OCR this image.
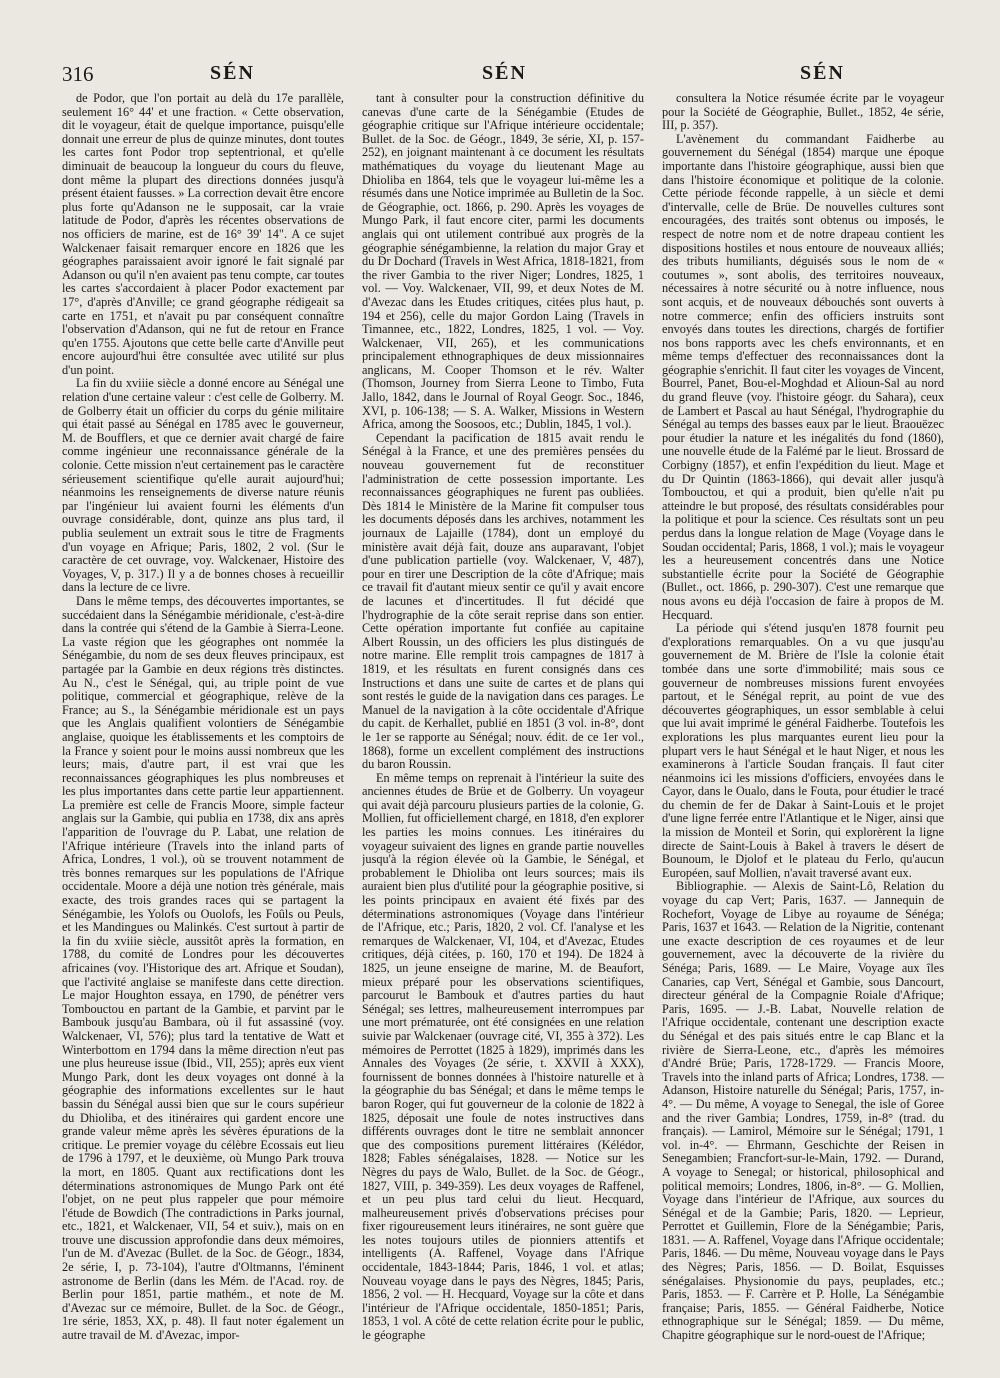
316	SÉN	SÉN	SÉN

de Podor, que l'on portait au delà du 17e parallèle, seulement 16° 44' et une fraction. « Cette observation, dit le voyageur, était de quelque importance, puisqu'elle donnait une erreur de plus de quinze minutes, dont toutes les cartes font Podor trop septentrional, et qu'elle diminuait de beaucoup la longueur du cours du fleuve, dont même la plupart des directions données jusqu'à présent étaient fausses. » La correction devait être encore plus forte qu'Adanson ne le supposait, car la vraie latitude de Podor, d'après les récentes observations de nos officiers de marine, est de 16° 39' 14". A ce sujet Walckenaer faisait remarquer encore en 1826 que les géographes paraissaient avoir ignoré le fait signalé par Adanson ou qu'il n'en avaient pas tenu compte, car toutes les cartes s'accordaient à placer Podor exactement par 17°, d'après d'Anville; ce grand géographe rédigeait sa carte en 1751, et n'avait pu par conséquent connaître l'observation d'Adanson, qui ne fut de retour en France qu'en 1755. Ajoutons que cette belle carte d'Anville peut encore aujourd'hui être consultée avec utilité sur plus d'un point.

La fin du xviiie siècle a donné encore au Sénégal une relation d'une certaine valeur : c'est celle de Golberry. M. de Golberry était un officier du corps du génie militaire qui était passé au Sénégal en 1785 avec le gouverneur, M. de Boufflers, et que ce dernier avait chargé de faire comme ingénieur une reconnaissance générale de la colonie. Cette mission n'eut certainement pas le caractère sérieusement scientifique qu'elle aurait aujourd'hui; néanmoins les renseignements de diverse nature réunis par l'ingénieur lui avaient fourni les éléments d'un ouvrage considérable, dont, quinze ans plus tard, il publia seulement un extrait sous le titre de Fragments d'un voyage en Afrique; Paris, 1802, 2 vol. (Sur le caractère de cet ouvrage, voy. Walckenaer, Histoire des Voyages, V, p. 317.) Il y a de bonnes choses à recueillir dans la lecture de ce livre.

Dans le même temps, des découvertes importantes, se succédaient dans la Sénégambie méridionale, c'est-à-dire dans la contrée qui s'étend de la Gambie à Sierra-Leone. La vaste région que les géographes ont nommée la Sénégambie, du nom de ses deux fleuves principaux, est partagée par la Gambie en deux régions très distinctes. Au N., c'est le Sénégal, qui, au triple point de vue politique, commercial et géographique, relève de la France; au S., la Sénégambie méridionale est un pays que les Anglais qualifient volontiers de Sénégambie anglaise, quoique les établissements et les comptoirs de la France y soient pour le moins aussi nombreux que les leurs; mais, d'autre part, il est vrai que les reconnaissances géographiques les plus nombreuses et les plus importantes dans cette partie leur appartiennent. La première est celle de Francis Moore, simple facteur anglais sur la Gambie, qui publia en 1738, dix ans après l'apparition de l'ouvrage du P. Labat, une relation de l'Afrique intérieure (Travels into the inland parts of Africa, Londres, 1 vol.), où se trouvent notamment de très bonnes remarques sur les populations de l'Afrique occidentale. Moore a déjà une notion très générale, mais exacte, des trois grandes races qui se partagent la Sénégambie, les Yolofs ou Ouolofs, les Foûls ou Peuls, et les Mandingues ou Malinkés. C'est surtout à partir de la fin du xviiie siècle, aussitôt après la formation, en 1788, du comité de Londres pour les découvertes africaines (voy. l'Historique des art. Afrique et Soudan), que l'activité anglaise se manifeste dans cette direction. Le major Houghton essaya, en 1790, de pénétrer vers Tombouctou en partant de la Gambie, et parvint par le Bambouk jusqu'au Bambara, où il fut assassiné (voy. Walckenaer, VI, 576); plus tard la tentative de Watt et Winterbottom en 1794 dans la même direction n'eut pas une plus heureuse issue (Ibid., VII, 255); après eux vient Mungo Park, dont les deux voyages ont donné à la géographie des informations excellentes sur le haut bassin du Sénégal aussi bien que sur le cours supérieur du Dhioliba, et des itinéraires qui gardent encore une grande valeur même après les sévères épurations de la critique. Le premier voyage du célèbre Ecossais eut lieu de 1796 à 1797, et le deuxième, où Mungo Park trouva la mort, en 1805. Quant aux rectifications dont les déterminations astronomiques de Mungo Park ont été l'objet, on ne peut plus rappeler que pour mémoire l'étude de Bowdich (The contradictions in Parks journal, etc., 1821, et Walckenaer, VII, 54 et suiv.), mais on en trouve une discussion approfondie dans deux mémoires, l'un de M. d'Avezac (Bullet. de la Soc. de Géogr., 1834, 2e série, I, p. 73-104), l'autre d'Oltmanns, l'éminent astronome de Berlin (dans les Mém. de l'Acad. roy. de Berlin pour 1851, partie mathém., et note de M. d'Avezac sur ce mémoire, Bullet. de la Soc. de Géogr., 1re série, 1853, XX, p. 48). Il faut noter également un autre travail de M. d'Avezac, impor-

tant à consulter pour la construction définitive du canevas d'une carte de la Sénégambie (Etudes de géographie critique sur l'Afrique intérieure occidentale; Bullet. de la Soc. de Géogr., 1849, 3e série, XI, p. 157-252), en joignant maintenant à ce document les résultats mathématiques du voyage du lieutenant Mage au Dhioliba en 1864, tels que le voyageur lui-même les a résumés dans une Notice imprimée au Bulletin de la Soc. de Géographie, oct. 1866, p. 290. Après les voyages de Mungo Park, il faut encore citer, parmi les documents anglais qui ont utilement contribué aux progrès de la géographie sénégambienne, la relation du major Gray et du Dr Dochard (Travels in West Africa, 1818-1821, from the river Gambia to the river Niger; Londres, 1825, 1 vol. — Voy. Walckenaer, VII, 99, et deux Notes de M. d'Avezac dans les Etudes critiques, citées plus haut, p. 194 et 256), celle du major Gordon Laing (Travels in Timannee, etc., 1822, Londres, 1825, 1 vol. — Voy. Walckenaer, VII, 265), et les communications principalement ethnographiques de deux missionnaires anglicans, M. Cooper Thomson et le rév. Walter (Thomson, Journey from Sierra Leone to Timbo, Futa Jallo, 1842, dans le Journal of Royal Geogr. Soc., 1846, XVI, p. 106-138; — S. A. Walker, Missions in Western Africa, among the Soosoos, etc.; Dublin, 1845, 1 vol.).

Cependant la pacification de 1815 avait rendu le Sénégal à la France, et une des premières pensées du nouveau gouvernement fut de reconstituer l'administration de cette possession importante. Les reconnaissances géographiques ne furent pas oubliées. Dès 1814 le Ministère de la Marine fit compulser tous les documents déposés dans les archives, notamment les journaux de Lajaille (1784), dont un employé du ministère avait déjà fait, douze ans auparavant, l'objet d'une publication partielle (voy. Walckenaer, V, 487), pour en tirer une Description de la côte d'Afrique; mais ce travail fit d'autant mieux sentir ce qu'il y avait encore de lacunes et d'incertitudes. Il fut décidé que l'hydrographie de la côte serait reprise dans son entier. Cette opération importante fut confiée au capitaine Albert Roussin, un des officiers les plus distingués de notre marine. Elle remplit trois campagnes de 1817 à 1819, et les résultats en furent consignés dans ces Instructions et dans une suite de cartes et de plans qui sont restés le guide de la navigation dans ces parages. Le Manuel de la navigation à la côte occidentale d'Afrique du capit. de Kerhallet, publié en 1851 (3 vol. in-8°, dont le 1er se rapporte au Sénégal; nouv. édit. de ce 1er vol., 1868), forme un excellent complément des instructions du baron Roussin.

En même temps on reprenait à l'intérieur la suite des anciennes études de Brüe et de Golberry. Un voyageur qui avait déjà parcouru plusieurs parties de la colonie, G. Mollien, fut officiellement chargé, en 1818, d'en explorer les parties les moins connues. Les itinéraires du voyageur suivaient des lignes en grande partie nouvelles jusqu'à la région élevée où la Gambie, le Sénégal, et probablement le Dhioliba ont leurs sources; mais ils auraient bien plus d'utilité pour la géographie positive, si les points principaux en avaient été fixés par des déterminations astronomiques (Voyage dans l'intérieur de l'Afrique, etc.; Paris, 1820, 2 vol. Cf. l'analyse et les remarques de Walckenaer, VI, 104, et d'Avezac, Etudes critiques, déjà citées, p. 160, 170 et 194). De 1824 à 1825, un jeune enseigne de marine, M. de Beaufort, mieux préparé pour les observations scientifiques, parcourut le Bambouk et d'autres parties du haut Sénégal; ses lettres, malheureusement interrompues par une mort prématurée, ont été consignées en une relation suivie par Walckenaer (ouvrage cité, VI, 355 à 372). Les mémoires de Perrottet (1825 à 1829), imprimés dans les Annales des Voyages (2e série, t. XXVII à XXX), fournissent de bonnes données à l'histoire naturelle et à la géographie du bas Sénégal; et dans le même temps le baron Roger, qui fut gouverneur de la colonie de 1822 à 1825, déposait une foule de notes instructives dans différents ouvrages dont le titre ne semblait annoncer que des compositions purement littéraires (Kélédor, 1828; Fables sénégalaises, 1828. — Notice sur les Nègres du pays de Walo, Bullet. de la Soc. de Géogr., 1827, VIII, p. 349-359). Les deux voyages de Raffenel, et un peu plus tard celui du lieut. Hecquard, malheureusement privés d'observations précises pour fixer rigoureusement leurs itinéraires, ne sont guère que les notes toujours utiles de pionniers attentifs et intelligents (A. Raffenel, Voyage dans l'Afrique occidentale, 1843-1844; Paris, 1846, 1 vol. et atlas; Nouveau voyage dans le pays des Nègres, 1845; Paris, 1856, 2 vol. — H. Hecquard, Voyage sur la côte et dans l'intérieur de l'Afrique occidentale, 1850-1851; Paris, 1853, 1 vol. A côté de cette relation écrite pour le public, le géographe

consultera la Notice résumée écrite par le voyageur pour la Société de Géographie, Bullet., 1852, 4e série, III, p. 357).

L'avènement du commandant Faidherbe au gouvernement du Sénégal (1854) marque une époque importante dans l'histoire géographique, aussi bien que dans l'histoire économique et politique de la colonie. Cette période féconde rappelle, à un siècle et demi d'intervalle, celle de Brüe. De nouvelles cultures sont encouragées, des traités sont obtenus ou imposés, le respect de notre nom et de notre drapeau contient les dispositions hostiles et nous entoure de nouveaux alliés; des tributs humiliants, déguisés sous le nom de « coutumes », sont abolis, des territoires nouveaux, nécessaires à notre sécurité ou à notre influence, nous sont acquis, et de nouveaux débouchés sont ouverts à notre commerce; enfin des officiers instruits sont envoyés dans toutes les directions, chargés de fortifier nos bons rapports avec les chefs environnants, et en même temps d'effectuer des reconnaissances dont la géographie s'enrichit. Il faut citer les voyages de Vincent, Bourrel, Panet, Bou-el-Moghdad et Alioun-Sal au nord du grand fleuve (voy. l'histoire géogr. du Sahara), ceux de Lambert et Pascal au haut Sénégal, l'hydrographie du Sénégal au temps des basses eaux par le lieut. Braouëzec pour étudier la nature et les inégalités du fond (1860), une nouvelle étude de la Falémé par le lieut. Brossard de Corbigny (1857), et enfin l'expédition du lieut. Mage et du Dr Quintin (1863-1866), qui devait aller jusqu'à Tombouctou, et qui a produit, bien qu'elle n'ait pu atteindre le but proposé, des résultats considérables pour la politique et pour la science. Ces résultats sont un peu perdus dans la longue relation de Mage (Voyage dans le Soudan occidental; Paris, 1868, 1 vol.); mais le voyageur les a heureusement concentrés dans une Notice substantielle écrite pour la Société de Géographie (Bullet., oct. 1866, p. 290-307). C'est une remarque que nous avons eu déjà l'occasion de faire à propos de M. Hecquard.

La période qui s'étend jusqu'en 1878 fournit peu d'explorations remarquables. On a vu que jusqu'au gouvernement de M. Brière de l'Isle la colonie était tombée dans une sorte d'immobilité; mais sous ce gouverneur de nombreuses missions furent envoyées partout, et le Sénégal reprit, au point de vue des découvertes géographiques, un essor semblable à celui que lui avait imprimé le général Faidherbe. Toutefois les explorations les plus marquantes eurent lieu pour la plupart vers le haut Sénégal et le haut Niger, et nous les examinerons à l'article Soudan français. Il faut citer néanmoins ici les missions d'officiers, envoyées dans le Cayor, dans le Oualo, dans le Fouta, pour étudier le tracé du chemin de fer de Dakar à Saint-Louis et le projet d'une ligne ferrée entre l'Atlantique et le Niger, ainsi que la mission de Monteil et Sorin, qui explorèrent la ligne directe de Saint-Louis à Bakel à travers le désert de Bounoum, le Djolof et le plateau du Ferlo, qu'aucun Européen, sauf Mollien, n'avait traversé avant eux.

Bibliographie. — Alexis de Saint-Lô, Relation du voyage du cap Vert; Paris, 1637. — Jannequin de Rochefort, Voyage de Libye au royaume de Sénéga; Paris, 1637 et 1643. — Relation de la Nigritie, contenant une exacte description de ces royaumes et de leur gouvernement, avec la découverte de la rivière du Sénéga; Paris, 1689. — Le Maire, Voyage aux îles Canaries, cap Vert, Sénégal et Gambie, sous Dancourt, directeur général de la Compagnie Roiale d'Afrique; Paris, 1695. — J.-B. Labat, Nouvelle relation de l'Afrique occidentale, contenant une description exacte du Sénégal et des pais situés entre le cap Blanc et la rivière de Sierra-Leone, etc., d'après les mémoires d'André Brüe; Paris, 1728-1729. — Francis Moore, Travels into the inland parts of Africa; Londres, 1738. — Adanson, Histoire naturelle du Sénégal; Paris, 1757, in-4°. — Du même, A voyage to Senegal, the isle of Goree and the river Gambia; Londres, 1759, in-8° (trad. du français). — Lamirol, Mémoire sur le Sénégal; 1791, 1 vol. in-4°. — Ehrmann, Geschichte der Reisen in Senegambien; Francfort-sur-le-Main, 1792. — Durand, A voyage to Senegal; or historical, philosophical and political memoirs; Londres, 1806, in-8°. — G. Mollien, Voyage dans l'intérieur de l'Afrique, aux sources du Sénégal et de la Gambie; Paris, 1820. — Leprieur, Perrottet et Guillemin, Flore de la Sénégambie; Paris, 1831. — A. Raffenel, Voyage dans l'Afrique occidentale; Paris, 1846. — Du même, Nouveau voyage dans le Pays des Nègres; Paris, 1856. — D. Boilat, Esquisses sénégalaises. Physionomie du pays, peuplades, etc.; Paris, 1853. — F. Carrère et P. Holle, La Sénégambie française; Paris, 1855. — Général Faidherbe, Notice ethnographique sur le Sénégal; 1859. — Du même, Chapitre géographique sur le nord-ouest de l'Afrique;
